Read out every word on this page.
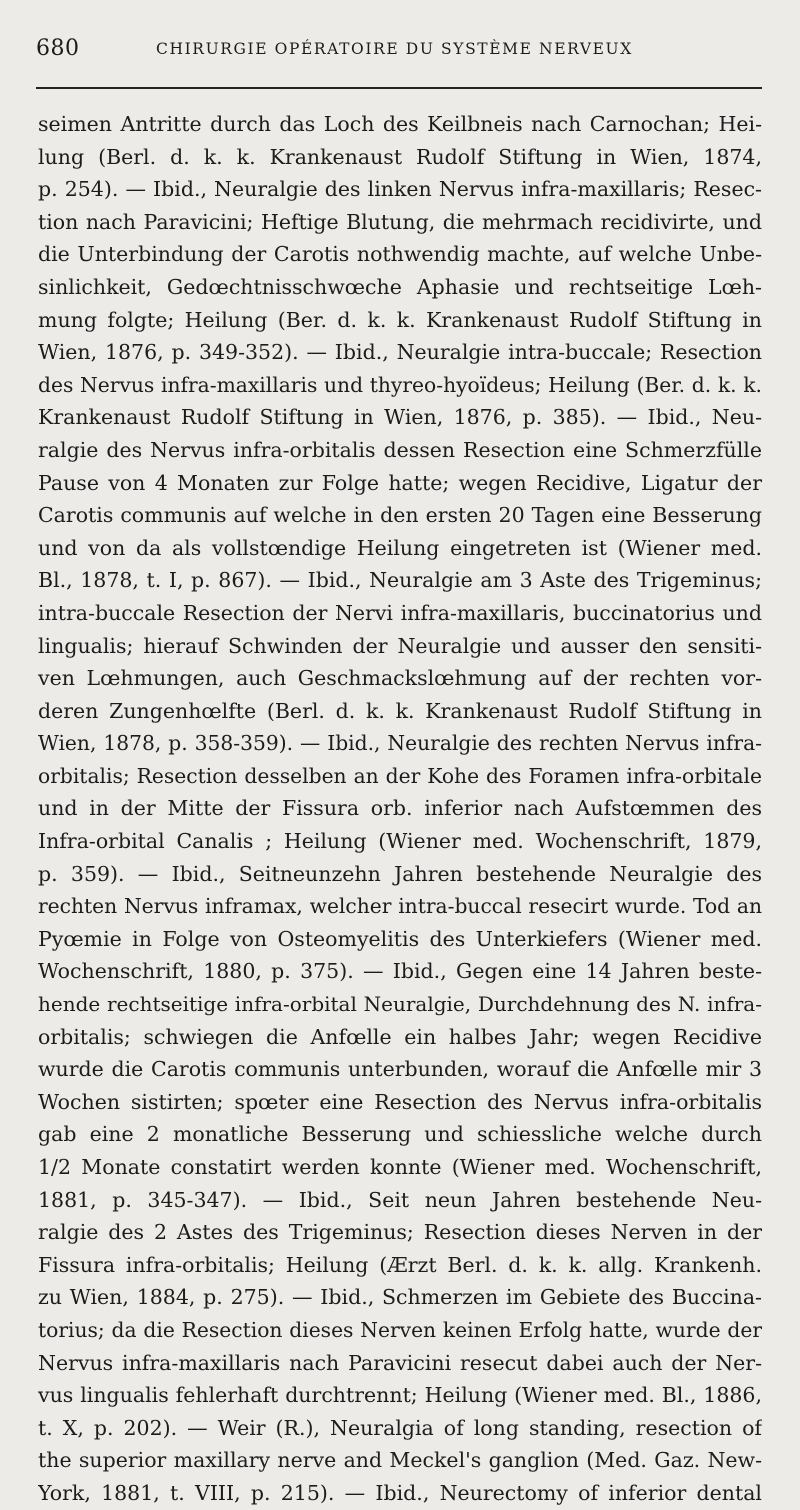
680	CHIRURGIE OPÉRATOIRE DU SYSTÈME NERVEUX
seimen Antritte durch das Loch des Keilbneis nach Carnochan; Hei-
lung (Berl. d. k. k. Krankenaust Rudolf Stiftung in Wien, 1874,
p. 254). — Ibid., Neuralgie des linken Nervus infra-maxillaris; Resec-
tion nach Paravicini; Heftige Blutung, die mehrmach recidivirte, und
die Unterbindung der Carotis nothwendig machte, auf welche Unbe-
sinlichkeit, Gedœchtnisschwœche Aphasie und rechtseitige Lœh-
mung folgte; Heilung (Ber. d. k. k. Krankenaust Rudolf Stiftung in
Wien, 1876, p. 349-352). — Ibid., Neuralgie intra-buccale; Resection
des Nervus infra-maxillaris und thyreo-hyoïdeus; Heilung (Ber. d. k. k.
Krankenaust Rudolf Stiftung in Wien, 1876, p. 385). — Ibid., Neu-
ralgie des Nervus infra-orbitalis dessen Resection eine Schmerzfülle
Pause von 4 Monaten zur Folge hatte; wegen Recidive, Ligatur der
Carotis communis auf welche in den ersten 20 Tagen eine Besserung
und von da als vollstœndige Heilung eingetreten ist (Wiener med.
Bl., 1878, t. I, p. 867). — Ibid., Neuralgie am 3 Aste des Trigeminus;
intra-buccale Resection der Nervi infra-maxillaris, buccinatorius und
lingualis; hierauf Schwinden der Neuralgie und ausser den sensiti-
ven Lœhmungen, auch Geschmackslœhmung auf der rechten vor-
deren Zungenhœlfte (Berl. d. k. k. Krankenaust Rudolf Stiftung in
Wien, 1878, p. 358-359). — Ibid., Neuralgie des rechten Nervus infra-
orbitalis; Resection desselben an der Kohe des Foramen infra-orbitale
und in der Mitte der Fissura orb. inferior nach Aufstœmmen des
Infra-orbital Canalis ; Heilung (Wiener med. Wochenschrift, 1879,
p. 359). — Ibid., Seitneunzehn Jahren bestehende Neuralgie des
rechten Nervus inframax, welcher intra-buccal resecirt wurde. Tod an
Pyœmie in Folge von Osteomyelitis des Unterkiefers (Wiener med.
Wochenschrift, 1880, p. 375). — Ibid., Gegen eine 14 Jahren beste-
hende rechtseitige infra-orbital Neuralgie, Durchdehnung des N. infra-
orbitalis; schwiegen die Anfœlle ein halbes Jahr; wegen Recidive
wurde die Carotis communis unterbunden, worauf die Anfœlle mir 3
Wochen sistirten; spœter eine Resection des Nervus infra-orbitalis
gab eine 2 monatliche Besserung und schiessliche welche durch
1/2 Monate constatirt werden konnte (Wiener med. Wochenschrift,
1881, p. 345-347). — Ibid., Seit neun Jahren bestehende Neu-
ralgie des 2 Astes des Trigeminus; Resection dieses Nerven in der
Fissura infra-orbitalis; Heilung (Ærzt Berl. d. k. k. allg. Krankenh.
zu Wien, 1884, p. 275). — Ibid., Schmerzen im Gebiete des Buccina-
torius; da die Resection dieses Nerven keinen Erfolg hatte, wurde der
Nervus infra-maxillaris nach Paravicini resecut dabei auch der Ner-
vus lingualis fehlerhaft durchtrennt; Heilung (Wiener med. Bl., 1886,
t. X, p. 202). — Weir (R.), Neuralgia of long standing, resection of
the superior maxillary nerve and Meckel's ganglion (Med. Gaz. New-
York, 1881, t. VIII, p. 215). — Ibid., Neurectomy of inferior dental
